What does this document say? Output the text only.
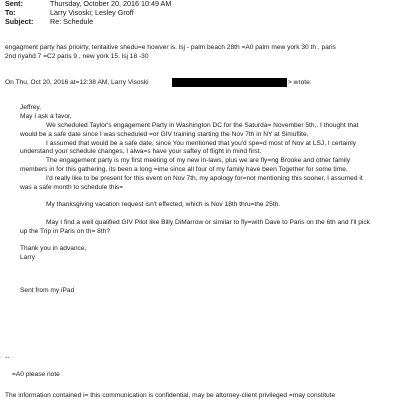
Sent:	Thursday, October 20, 2016 10:49 AM
To:	Larry Visoski; Lesley Groff
Subject: Re: Schedule
engagment party has prioirty, tentaitive shedu=e howver is. lsj - palm beach 28th =A0 palm mew york 30 th . paris
2nd riyahd 7 =C2 paris 9 , new york 15. lsj 18 -30
On Thu, Oct 20, 2016 at=12:38 AM, Larry Visoski	> wrote:
Jeffrey,
May I ask a favor,
We scheduled Taylor's engagement Party in Washington DC for the Saturda= November 5th,. I thought that
would be a safe date since I was scheduled =or GIV training starting the Nov 7th in NY at Simuflite.
I assumed that would be a safe date, since You mentioned that you'd spe=d most of Nov at LSJ, I certainly
understand your schedule changes, I alwa=s have your saftey of flight in mind first.
The engagement party is my first meeting of my new in-laws, plus we are fly=ng Brooke and other family
members in for this gathering, its been a long =ime since all four of my family have been Together for some time.
I'd really like to be present for this event on Nov 7th, my apology for=not mentioning this sooner, I assumed it
was a safe month to schedule this=
My thanksgiving vacation request isn't effected, which is Nov 18th thru=the 25th.
May I find a well qualified GIV Pilot like Billy DiMarrow or similar to fly=with Dave to Paris on the 6th and I'll pick
up the Trip in Paris on th= 8th?
Thank you in advance,
Larry
Sent from my iPad
--
=A0 please note
The information contained i= this communication is confidential, may be attorney-client privileged =may constitute
